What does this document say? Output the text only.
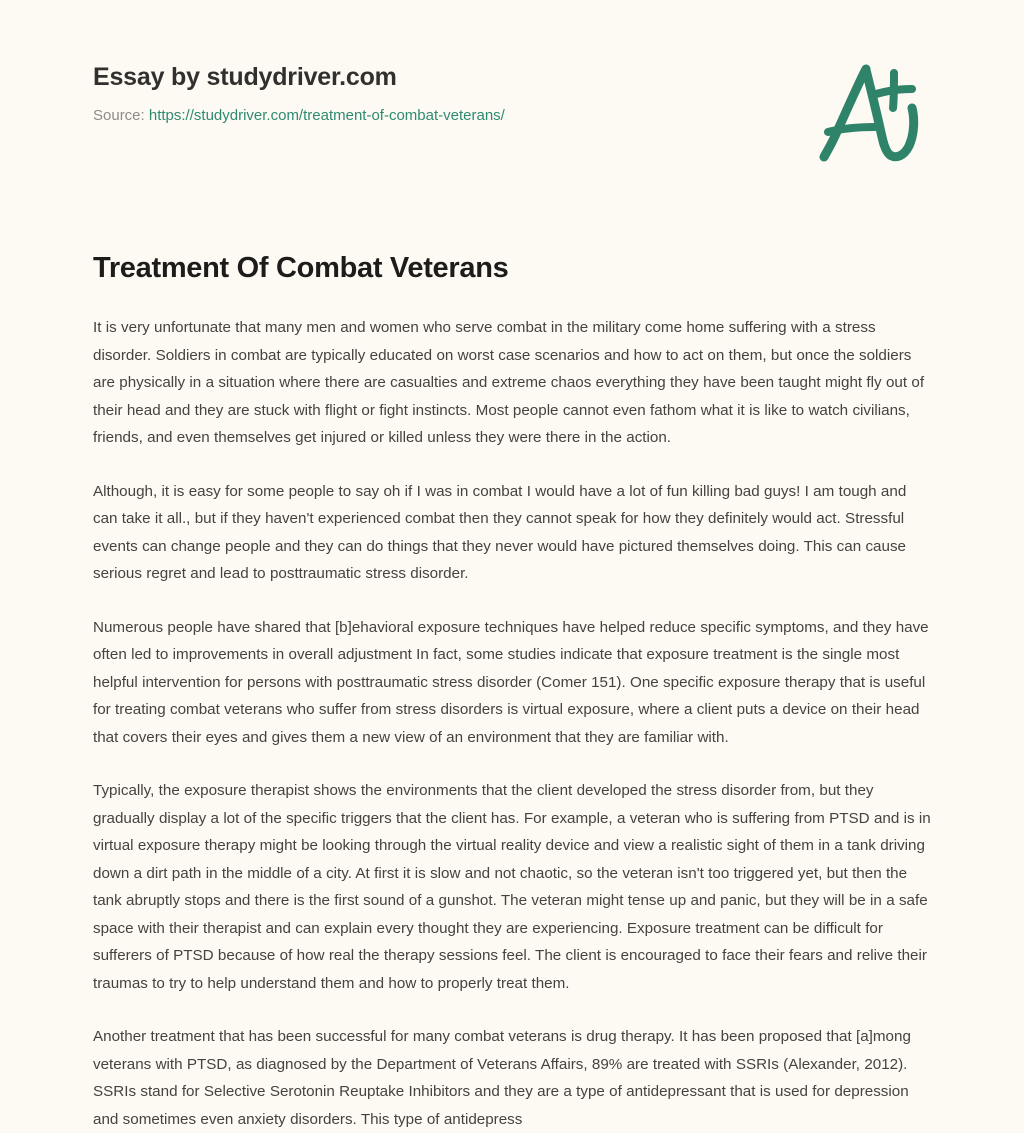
Essay by studydriver.com
Source: https://studydriver.com/treatment-of-combat-veterans/
Treatment Of Combat Veterans

It is very unfortunate that many men and women who serve combat in the military come home suffering with a stress disorder. Soldiers in combat are typically educated on worst case scenarios and how to act on them, but once the soldiers are physically in a situation where there are casualties and extreme chaos everything they have been taught might fly out of their head and they are stuck with flight or fight instincts. Most people cannot even fathom what it is like to watch civilians, friends, and even themselves get injured or killed unless they were there in the action.

Although, it is easy for some people to say oh if I was in combat I would have a lot of fun killing bad guys! I am tough and can take it all., but if they haven't experienced combat then they cannot speak for how they definitely would act. Stressful events can change people and they can do things that they never would have pictured themselves doing. This can cause serious regret and lead to posttraumatic stress disorder.

Numerous people have shared that [b]ehavioral exposure techniques have helped reduce specific symptoms, and they have often led to improvements in overall adjustment In fact, some studies indicate that exposure treatment is the single most helpful intervention for persons with posttraumatic stress disorder (Comer 151). One specific exposure therapy that is useful for treating combat veterans who suffer from stress disorders is virtual exposure, where a client puts a device on their head that covers their eyes and gives them a new view of an environment that they are familiar with.

Typically, the exposure therapist shows the environments that the client developed the stress disorder from, but they gradually display a lot of the specific triggers that the client has. For example, a veteran who is suffering from PTSD and is in virtual exposure therapy might be looking through the virtual reality device and view a realistic sight of them in a tank driving down a dirt path in the middle of a city. At first it is slow and not chaotic, so the veteran isn't too triggered yet, but then the tank abruptly stops and there is the first sound of a gunshot. The veteran might tense up and panic, but they will be in a safe space with their therapist and can explain every thought they are experiencing. Exposure treatment can be difficult for sufferers of PTSD because of how real the therapy sessions feel. The client is encouraged to face their fears and relive their traumas to try to help understand them and how to properly treat them.

Another treatment that has been successful for many combat veterans is drug therapy. It has been proposed that [a]mong veterans with PTSD, as diagnosed by the Department of Veterans Affairs, 89% are treated with SSRIs (Alexander, 2012). SSRIs stand for Selective Serotonin Reuptake Inhibitors and they are a type of antidepressant that is used for depression and sometimes even anxiety disorders. This type of antidepress
